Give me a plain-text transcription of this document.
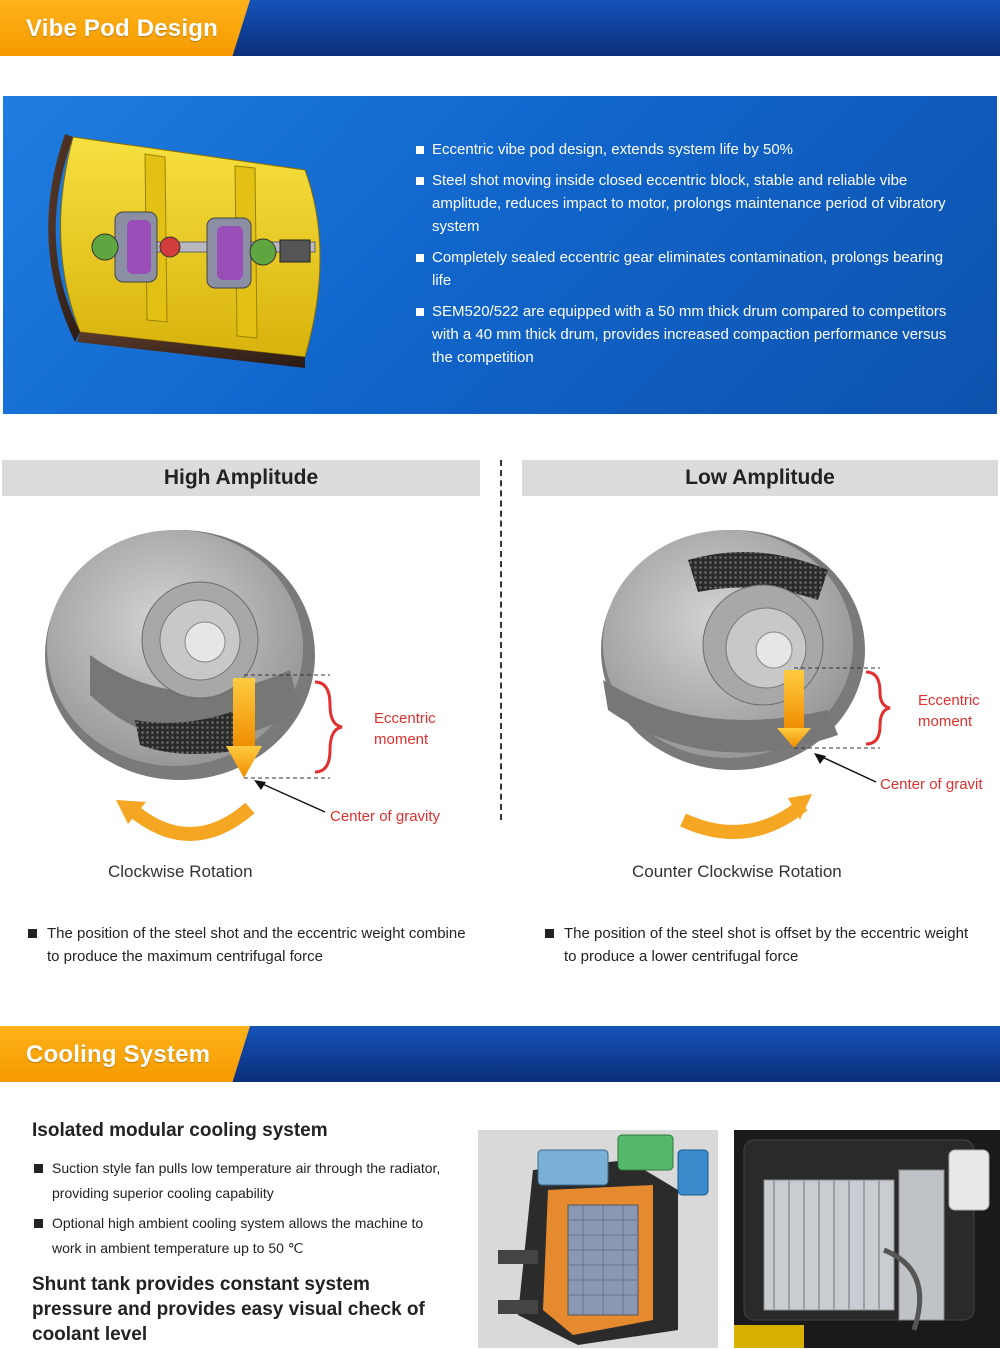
Vibe Pod Design
Eccentric vibe pod design, extends system life by 50%
Steel shot moving inside closed eccentric block, stable and reliable vibe amplitude, reduces impact to motor, prolongs maintenance period of vibratory system
Completely sealed eccentric gear eliminates contamination, prolongs bearing life
SEM520/522 are equipped with a 50 mm thick drum compared to competitors with a 40 mm thick drum, provides increased compaction performance versus the competition
High Amplitude	Low Amplitude
Eccentric
moment
Center of gravity
Clockwise Rotation
The position of the steel shot and the eccentric weight combine to produce the maximum centrifugal force
Eccentric
moment
Center of gravit
Counter Clockwise Rotation
The position of the steel shot is offset by the eccentric weight to produce a lower centrifugal force
Cooling System
Isolated modular cooling system
Suction style fan pulls low temperature air through the radiator, providing superior cooling capability
Optional high ambient cooling system allows the machine to work in ambient temperature up to 50 ℃
Shunt tank provides constant system pressure and provides easy visual check of coolant level
